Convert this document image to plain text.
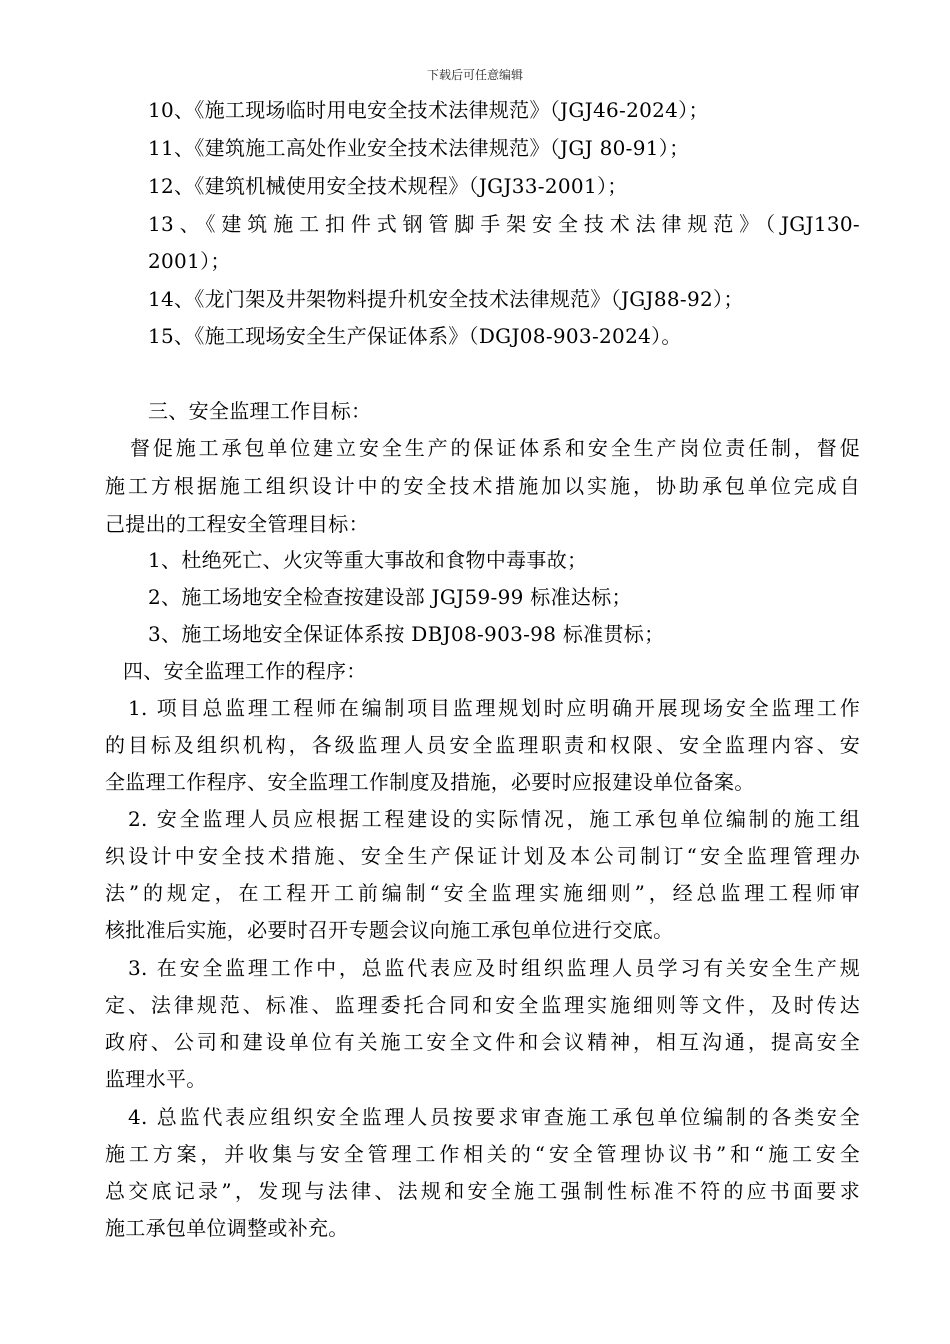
下载后可任意编辑
10、《施工现场临时用电安全技术法律规范》（JGJ46-2024）；
11、《建筑施工高处作业安全技术法律规范》（JGJ 80-91）；
12、《建筑机械使用安全技术规程》（JGJ33-2001）；
13、《建筑施工扣件式钢管脚手架安全技术法律规范》（JGJ130-
2001）；
14、《龙门架及井架物料提升机安全技术法律规范》（JGJ88-92）；
15、《施工现场安全生产保证体系》（DGJ08-903-2024）。
三、安全监理工作目标：
督促施工承包单位建立安全生产的保证体系和安全生产岗位责任制，督促
施工方根据施工组织设计中的安全技术措施加以实施，协助承包单位完成自
己提出的工程安全管理目标：
1、杜绝死亡、火灾等重大事故和食物中毒事故；
2、施工场地安全检查按建设部 JGJ59-99 标准达标；
3、施工场地安全保证体系按 DBJ08-903-98 标准贯标；
四、安全监理工作的程序：
1. 项目总监理工程师在编制项目监理规划时应明确开展现场安全监理工作
的目标及组织机构，各级监理人员安全监理职责和权限、安全监理内容、安
全监理工作程序、安全监理工作制度及措施，必要时应报建设单位备案。
2. 安全监理人员应根据工程建设的实际情况，施工承包单位编制的施工组
织设计中安全技术措施、安全生产保证计划及本公司制订“安全监理管理办
法”的规定，在工程开工前编制“安全监理实施细则”，经总监理工程师审
核批准后实施，必要时召开专题会议向施工承包单位进行交底。
3. 在安全监理工作中，总监代表应及时组织监理人员学习有关安全生产规
定、法律规范、标准、监理委托合同和安全监理实施细则等文件，及时传达
政府、公司和建设单位有关施工安全文件和会议精神，相互沟通，提高安全
监理水平。
4. 总监代表应组织安全监理人员按要求审查施工承包单位编制的各类安全
施工方案，并收集与安全管理工作相关的“安全管理协议书”和“施工安全
总交底记录”，发现与法律、法规和安全施工强制性标准不符的应书面要求
施工承包单位调整或补充。
